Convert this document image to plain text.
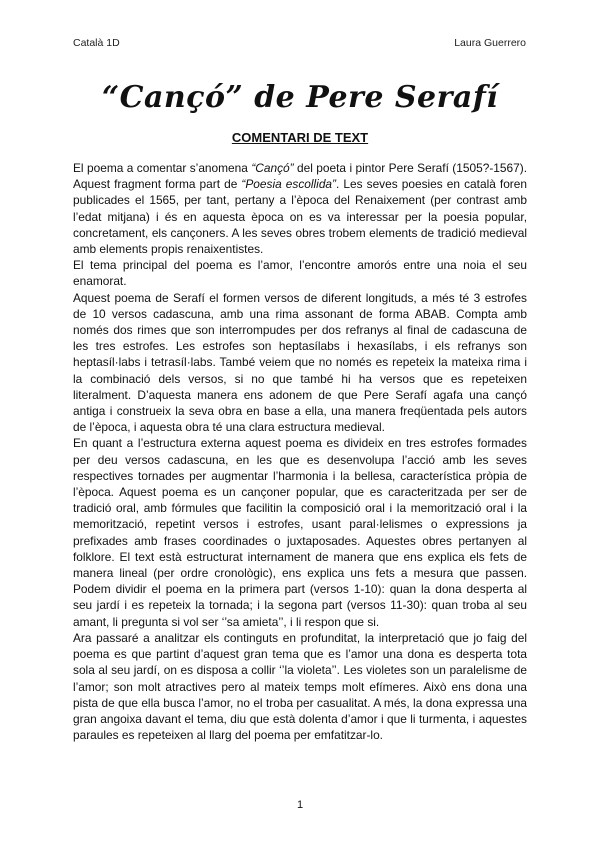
Català 1D	Laura Guerrero
“Cançó” de Pere Serafí
COMENTARI DE TEXT

El poema a comentar s’anomena “Cançó” del poeta i pintor Pere Serafí (1505?-1567). Aquest fragment forma part de “Poesia escollida”. Les seves poesies en català foren publicades el 1565, per tant, pertany a l’època del Renaixement (per contrast amb l’edat mitjana) i és en aquesta època on es va interessar per la poesia popular, concretament, els cançoners. A les seves obres trobem elements de tradició medieval amb elements propis renaixentistes.

El tema principal del poema es l’amor, l’encontre amorós entre una noia el seu enamorat.

Aquest poema de Serafí el formen versos de diferent longituds, a més té 3 estrofes de 10 versos cadascuna, amb una rima assonant de forma ABAB. Compta amb només dos rimes que son interrompudes per dos refranys al final de cadascuna de les tres estrofes. Les estrofes son heptasílabs i hexasílabs, i els refranys son heptasíl·labs i tetrasíl·labs. També veiem que no només es repeteix la mateixa rima i la combinació dels versos, si no que també hi ha versos que es repeteixen literalment. D’aquesta manera ens adonem de que Pere Serafí agafa una cançó antiga i construeix la seva obra en base a ella, una manera freqüentada pels autors de l’època, i aquesta obra té una clara estructura medieval.

En quant a l’estructura externa aquest poema es divideix en tres estrofes formades per deu versos cadascuna, en les que es desenvolupa l’acció amb les seves respectives tornades per augmentar l’harmonia i la bellesa, característica pròpia de l’època. Aquest poema es un cançoner popular, que es caracteritzada per ser de tradició oral, amb fórmules que facilitin la composició oral i la memorització oral i la memorització, repetint versos i estrofes, usant paral·lelismes o expressions ja prefixades amb frases coordinades o juxtaposades. Aquestes obres pertanyen al folklore. El text està estructurat internament de manera que ens explica els fets de manera lineal (per ordre cronològic), ens explica uns fets a mesura que passen. Podem dividir el poema en la primera part (versos 1-10): quan la dona desperta al seu jardí i es repeteix la tornada; i la segona part (versos 11-30): quan troba al seu amant, li pregunta si vol ser ‘’sa amieta’’, i li respon que si.

Ara passaré a analitzar els continguts en profunditat, la interpretació que jo faig del poema es que partint d’aquest gran tema que es l’amor una dona es desperta tota sola al seu jardí, on es disposa a collir ‘’la violeta’’. Les violetes son un paralelisme de l’amor; son molt atractives pero al mateix temps molt efímeres. Això ens dona una pista de que ella busca l’amor, no el troba per casualitat. A més, la dona expressa una gran angoixa davant el tema, diu que està dolenta d’amor i que li turmenta, i aquestes paraules es repeteixen al llarg del poema per emfatitzar-lo.

1
